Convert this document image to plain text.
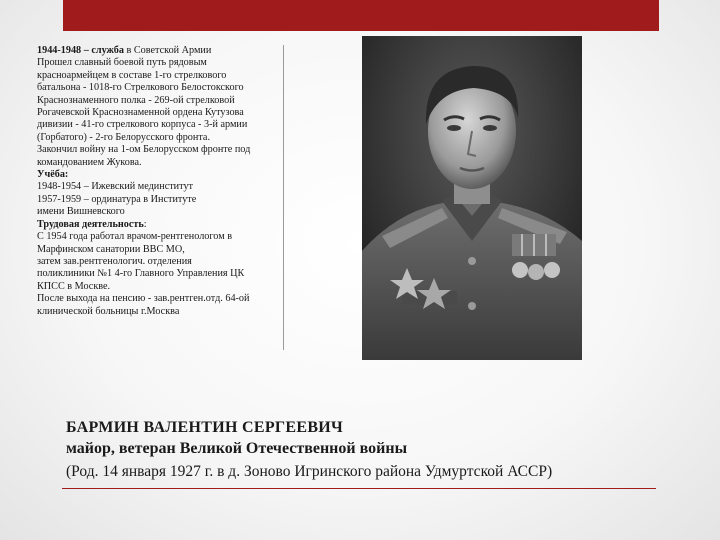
1944-1948 – служба в Советской Армии

Прошел славный боевой путь рядовым

красноармейцем в составе 1-го стрелкового

батальона - 1018-го Стрелкового Белостокского

Краснознаменного полка - 269-ой стрелковой

Рогачевской Краснознаменной ордена Кутузова

дивизии - 41-го стрелкового корпуса - 3-й армии

(Горбатого) - 2-го Белорусского фронта.

Закончил войну на 1-ом Белорусском фронте под

командованием Жукова.

Учёба:

1948-1954 – Ижевский мединститут

1957-1959 – ординатура в Институте

имени Вишневского

Трудовая деятельность:

С 1954 года работал врачом-рентгенологом в

Марфинском санатории ВВС МО,

затем зав.рентгенологич. отделения

поликлиники №1 4-го Главного Управления ЦК

КПСС в Москве.

После выхода на пенсию - зав.рентген.отд. 64-ой

клинической больницы г.Москва

БАРМИН ВАЛЕНТИН СЕРГЕЕВИЧ
майор, ветеран Великой Отечественной войны
(Род. 14 января 1927 г. в д. Зоново Игринского района Удмуртской АССР)
